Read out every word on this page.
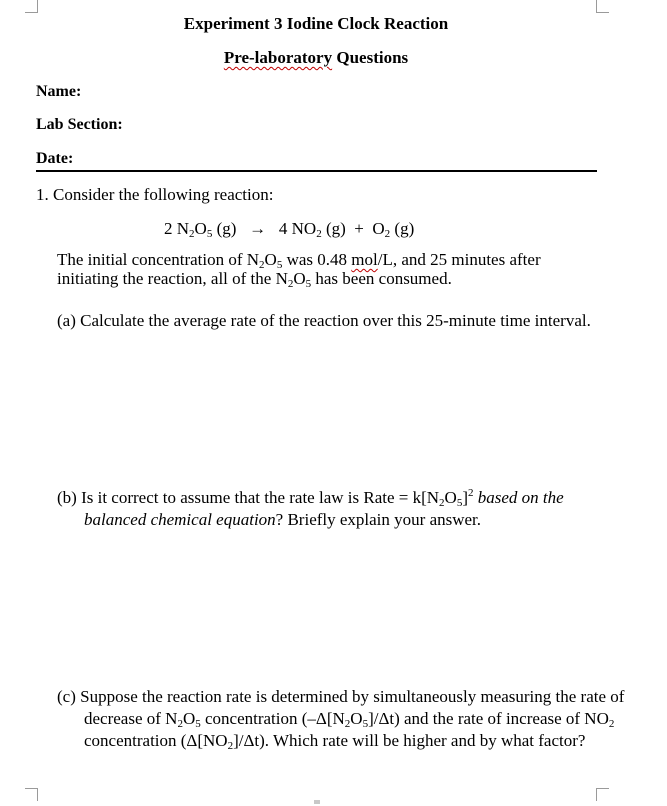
Experiment 3 Iodine Clock Reaction
Pre-laboratory Questions
Name:
Lab Section:
Date:
1. Consider the following reaction:
2 $N_2O_5$ (g) → 4 $NO_2$ $(g) + O_2$ (g)
The initial concentration of $N_2O_5$ was 0.48 mol/L, and 25 minutes after initiating the reaction, all of the $N_2O_5$ has been consumed.
(a) Calculate the average rate of the reaction over this 25-minute time interval.
(b) Is it correct to assume that the rate law is Rate = $k[N_2O_5]^2$ based on the balanced chemical equation? Briefly explain your answer.
(c) Suppose the reaction rate is determined by simultaneously measuring the rate of decrease of $N_2O_5$ concentration $(-\Delta[N_2O_5]/\Delta t)$ and the rate of increase of $NO_2$ concentration $(\Delta[NO_2]/\Delta t)$. Which rate will be higher and by what factor?
